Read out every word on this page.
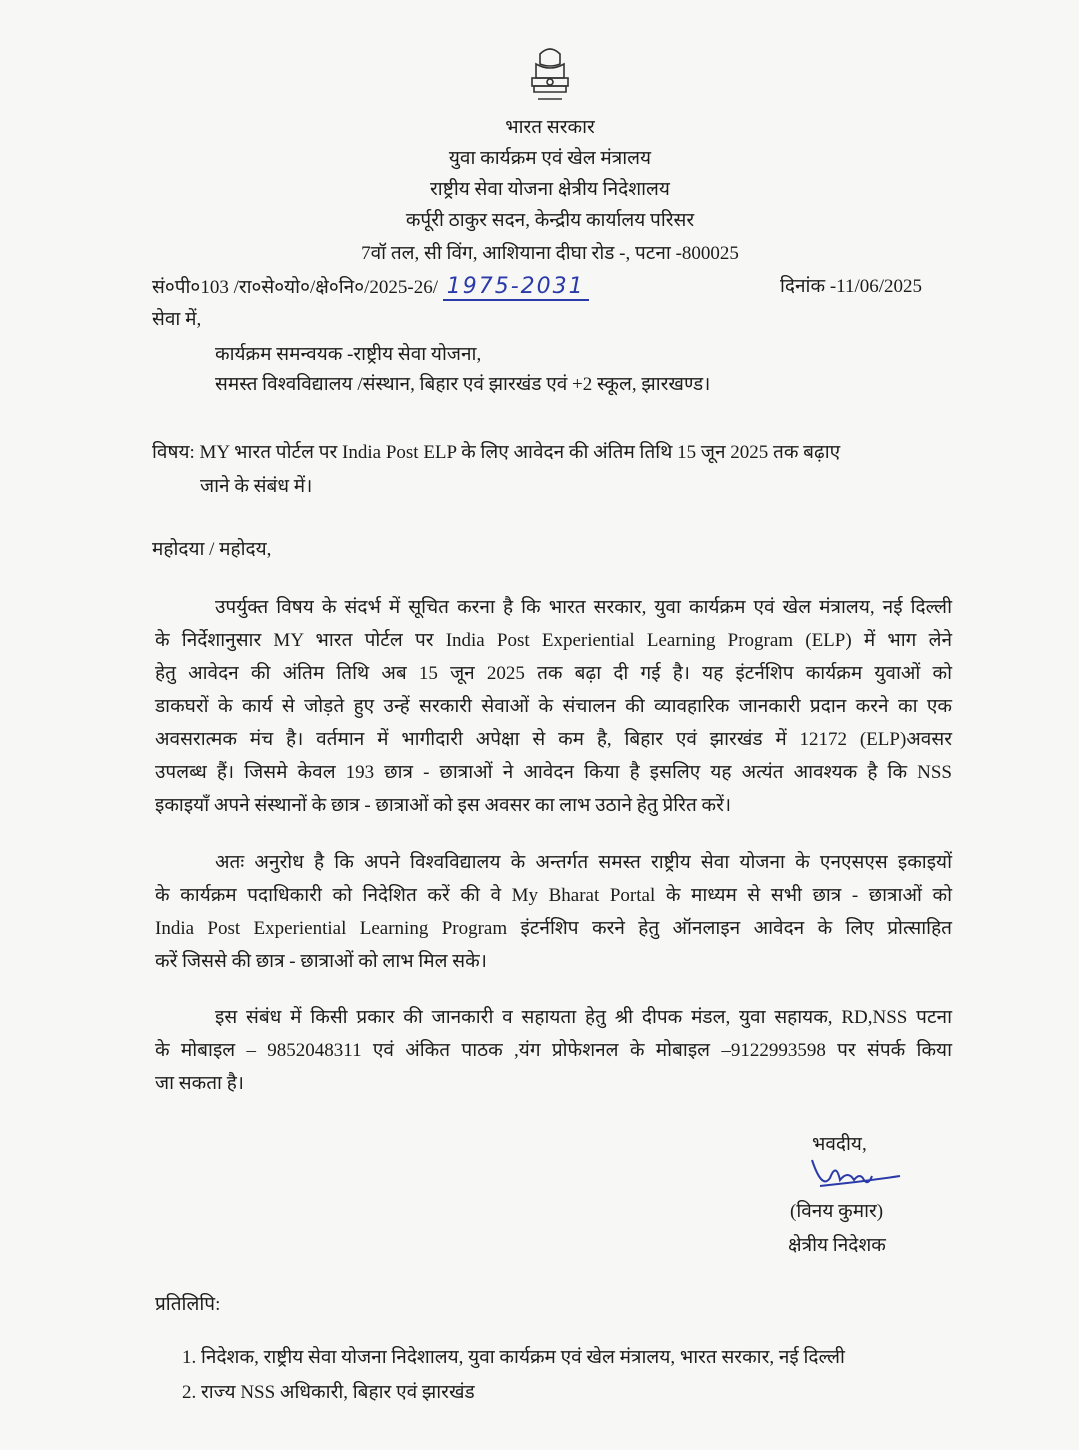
भारत सरकार
युवा कार्यक्रम एवं खेल मंत्रालय
राष्ट्रीय सेवा योजना क्षेत्रीय निदेशालय
कर्पूरी ठाकुर सदन, केन्द्रीय कार्यालय परिसर
7वॉ तल, सी विंग, आशियाना दीघा रोड -, पटना -800025
सं०पी०103 /रा०से०यो०/क्षे०नि०/2025-26/ 1975-2031	दिनांक -11/06/2025
सेवा में,
कार्यक्रम समन्वयक -राष्ट्रीय सेवा योजना,
समस्त विश्वविद्यालय /संस्थान, बिहार एवं झारखंड एवं +2 स्कूल, झारखण्ड।
विषय: MY भारत पोर्टल पर India Post ELP के लिए आवेदन की अंतिम तिथि 15 जून 2025 तक बढ़ाए
जाने के संबंध में।
महोदया / महोदय,
उपर्युक्त विषय के संदर्भ में सूचित करना है कि भारत सरकार, युवा कार्यक्रम एवं खेल मंत्रालय, नई दिल्ली
के निर्देशानुसार MY भारत पोर्टल पर India Post Experiential Learning Program (ELP) में भाग लेने
हेतु आवेदन की अंतिम तिथि अब 15 जून 2025 तक बढ़ा दी गई है। यह इंटर्नशिप कार्यक्रम युवाओं को
डाकघरों के कार्य से जोड़ते हुए उन्हें सरकारी सेवाओं के संचालन की व्यावहारिक जानकारी प्रदान करने का एक
अवसरात्मक मंच है। वर्तमान में भागीदारी अपेक्षा से कम है, बिहार एवं झारखंड में 12172 (ELP)अवसर
उपलब्ध हैं। जिसमे केवल 193 छात्र - छात्राओं ने आवेदन किया है इसलिए यह अत्यंत आवश्यक है कि NSS
इकाइयाँ अपने संस्थानों के छात्र - छात्राओं को इस अवसर का लाभ उठाने हेतु प्रेरित करें।
अतः अनुरोध है कि अपने विश्वविद्यालय के अन्तर्गत समस्त राष्ट्रीय सेवा योजना के एनएसएस इकाइयों
के कार्यक्रम पदाधिकारी को निदेशित करें की वे My Bharat Portal के माध्यम से सभी छात्र - छात्राओं को
India Post Experiential Learning Program इंटर्नशिप करने हेतु ऑनलाइन आवेदन के लिए प्रोत्साहित
करें जिससे की छात्र - छात्राओं को लाभ मिल सके।
इस संबंध में किसी प्रकार की जानकारी व सहायता हेतु श्री दीपक मंडल, युवा सहायक, RD,NSS पटना
के मोबाइल – 9852048311 एवं अंकित पाठक ,यंग प्रोफेशनल के मोबाइल –9122993598 पर संपर्क किया
जा सकता है।
भवदीय,
(विनय कुमार)
क्षेत्रीय निदेशक
प्रतिलिपि:
1. निदेशक, राष्ट्रीय सेवा योजना निदेशालय, युवा कार्यक्रम एवं खेल मंत्रालय, भारत सरकार, नई दिल्ली
2. राज्य NSS अधिकारी, बिहार एवं झारखंड
